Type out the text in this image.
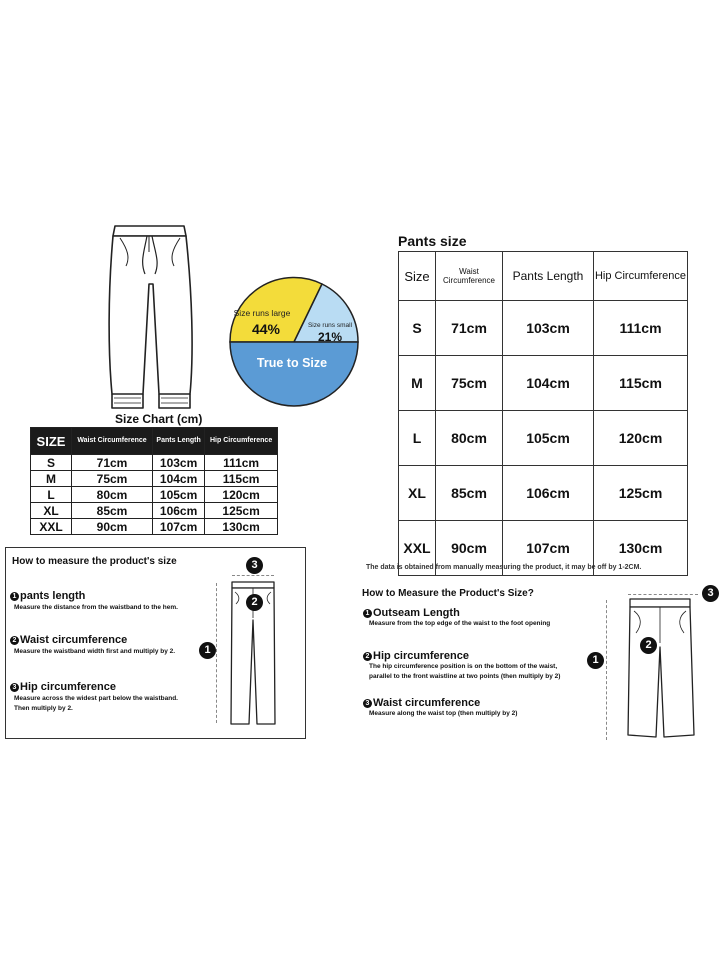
Size Chart (cm)
Size runs large
44%	Size runs small
21%
True to Size
SIZE	Waist Circumference	Pants Length	Hip Circumference
S	71cm	103cm	111cm
M	75cm	104cm	115cm
L	80cm	105cm	120cm
XL	85cm	106cm	125cm
XXL	90cm	107cm	130cm
Pants size
Size	Waist Circumference	Pants Length	Hip Circumference
S	71cm	103cm	111cm
M	75cm	104cm	115cm
L	80cm	105cm	120cm
XL	85cm	106cm	125cm
XXL	90cm	107cm	130cm
The data is obtained from manually measuring the product, it may be off by 1-2CM.
How to measure the product's size
1 pants length
Measure the distance from the waistband to the hem.
2 Waist circumference
Measure the waistband width first and multiply by 2.
3 Hip circumference
Measure across the widest part below the waistband.
Then multiply by 2.
1
2
3
How to Measure the Product's Size?
1 Outseam Length
Measure from the top edge of the waist to the foot opening
2 Hip circumference
The hip circumference position is on the bottom of the waist,
parallel to the front waistline at two points (then multiply by 2)
3 Waist circumference
Measure along the waist top (then multiply by 2)
1
2
3
